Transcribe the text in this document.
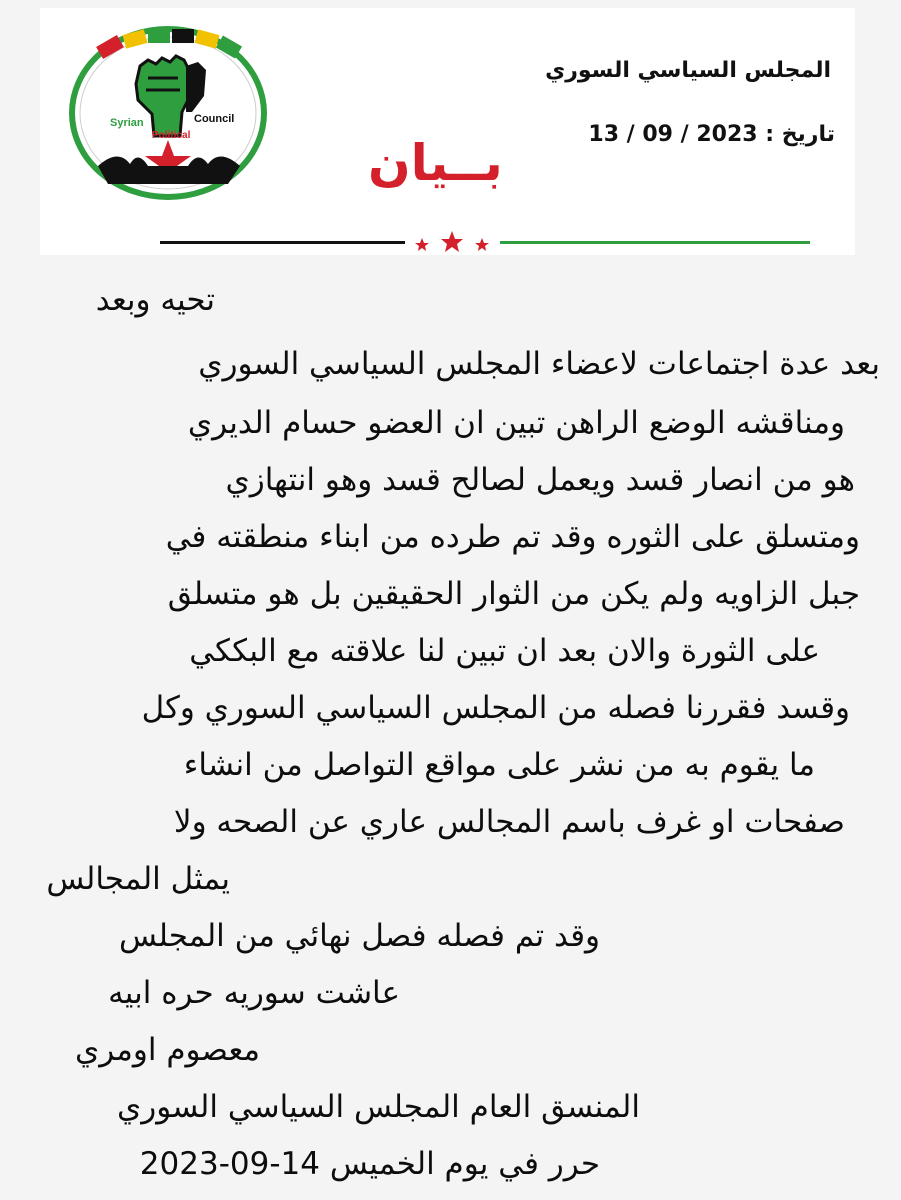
Syrian
Political
Council
المجلس السياسي السوري
تاريخ : 13 / 09 / 2023
بــيان
تحيه وبعد
بعد عدة اجتماعات لاعضاء المجلس السياسي السوري
ومناقشه الوضع الراهن تبين ان العضو حسام الديري
هو من انصار قسد ويعمل لصالح قسد وهو انتهازي
ومتسلق على الثوره وقد تم طرده من ابناء منطقته في
جبل الزاويه ولم يكن من الثوار الحقيقين بل هو متسلق
على الثورة والان بعد ان تبين لنا علاقته مع البككي
وقسد فقررنا فصله من المجلس السياسي السوري وكل
ما يقوم به من نشر على مواقع التواصل من انشاء
صفحات او غرف باسم المجالس عاري عن الصحه ولا
يمثل المجالس
وقد تم فصله فصل نهائي من المجلس
عاشت سوريه حره ابيه
معصوم اومري
المنسق العام المجلس السياسي السوري
حرر في يوم الخميس 14-09-2023
